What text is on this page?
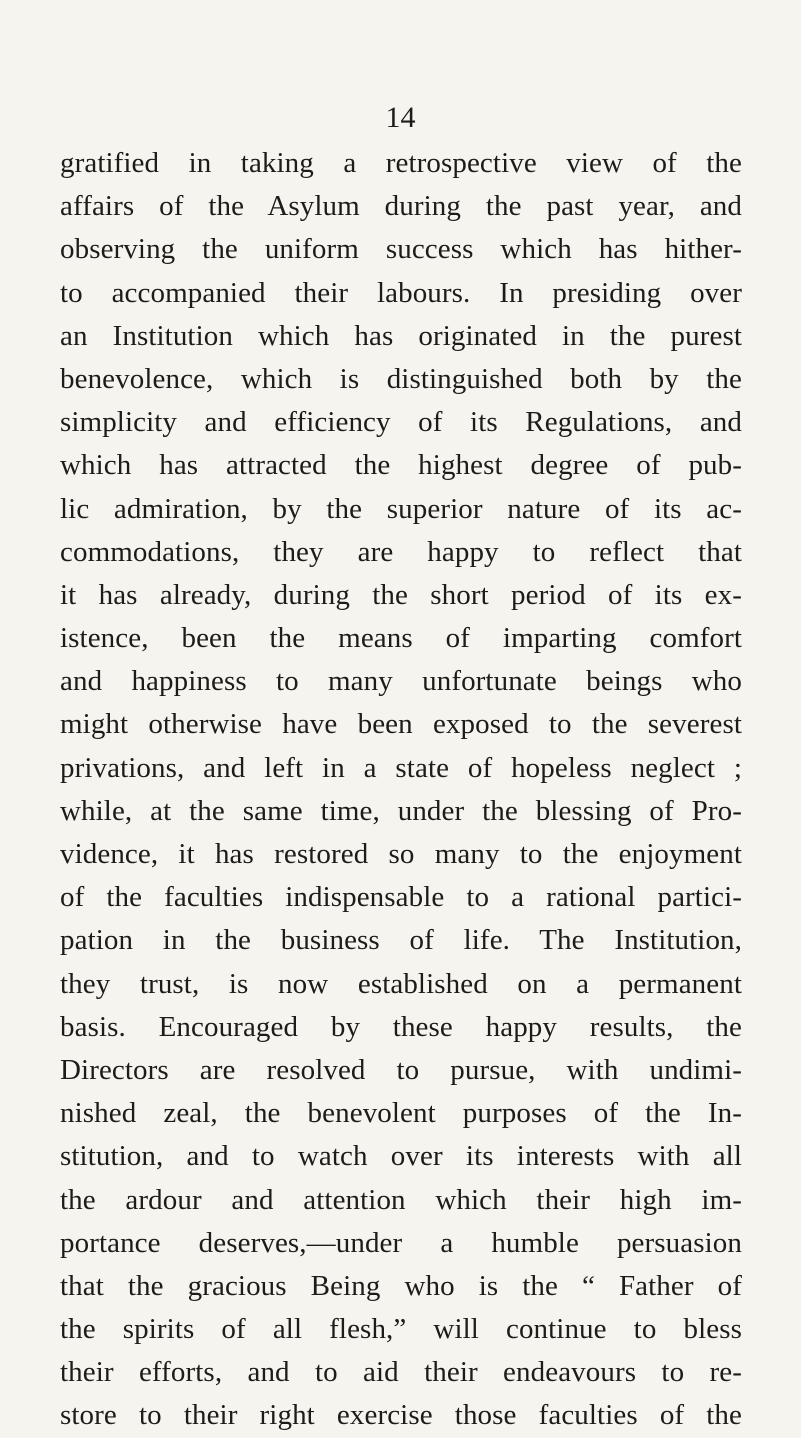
14
gratified in taking a retrospective view of the
affairs of the Asylum during the past year, and
observing the uniform success which has hither-
to accompanied their labours. In presiding over
an Institution which has originated in the purest
benevolence, which is distinguished both by the
simplicity and efficiency of its Regulations, and
which has attracted the highest degree of pub-
lic admiration, by the superior nature of its ac-
commodations, they are happy to reflect that
it has already, during the short period of its ex-
istence, been the means of imparting comfort
and happiness to many unfortunate beings who
might otherwise have been exposed to the severest
privations, and left in a state of hopeless neglect ;
while, at the same time, under the blessing of Pro-
vidence, it has restored so many to the enjoyment
of the faculties indispensable to a rational partici-
pation in the business of life. The Institution,
they trust, is now established on a permanent
basis. Encouraged by these happy results, the
Directors are resolved to pursue, with undimi-
nished zeal, the benevolent purposes of the In-
stitution, and to watch over its interests with all
the ardour and attention which their high im-
portance deserves,—under a humble persuasion
that the gracious Being who is the “ Father of
the spirits of all flesh,” will continue to bless
their efforts, and to aid their endeavours to re-
store to their right exercise those faculties of the
